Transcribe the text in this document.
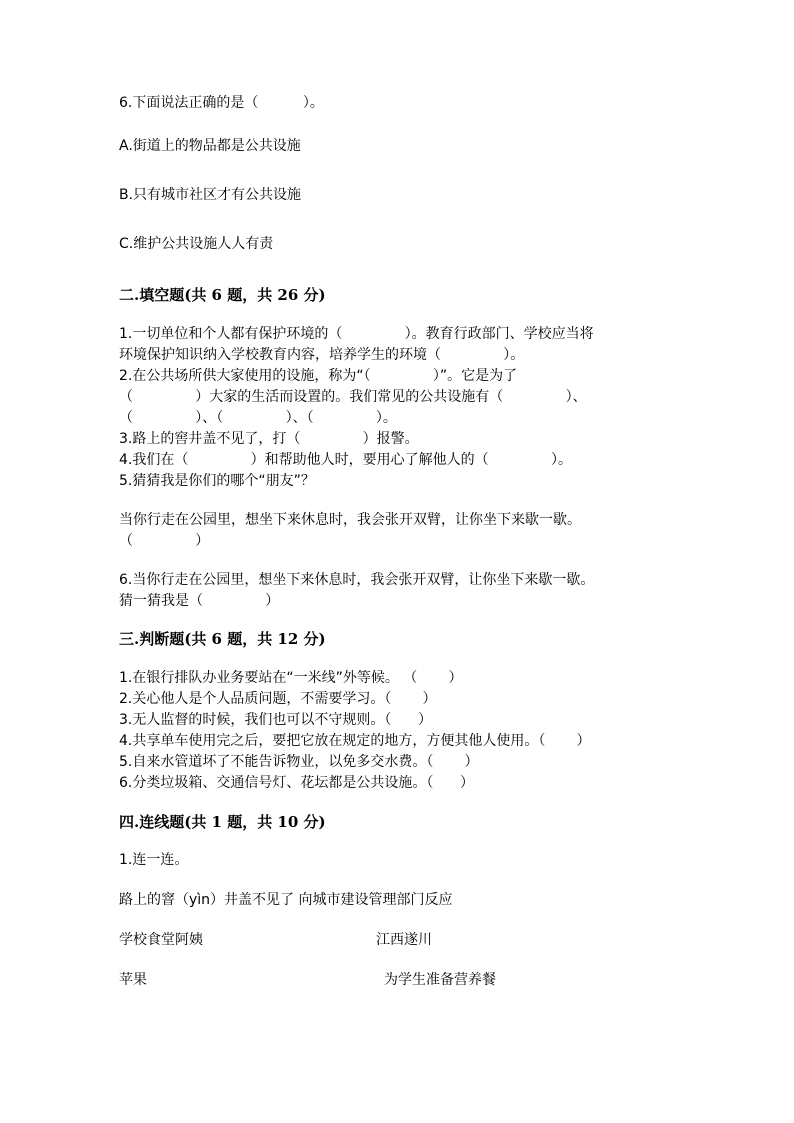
6.下面说法正确的是（          ）。
A.街道上的物品都是公共设施
B.只有城市社区才有公共设施
C.维护公共设施人人有责
二.填空题(共 6 题，共 26 分)
1.一切单位和个人都有保护环境的（              ）。教育行政部门、学校应当将
环境保护知识纳入学校教育内容，培养学生的环境（              ）。
2.在公共场所供大家使用的设施，称为“（              ）”。它是为了
（              ）大家的生活而设置的。我们常见的公共设施有（              ）、
（              ）、（              ）、（              ）。
3.路上的窖井盖不见了，打（              ）报警。
4.我们在（              ）和帮助他人时，要用心了解他人的（              ）。
5.猜猜我是你们的哪个“朋友”？
当你行走在公园里，想坐下来休息时，我会张开双臂，让你坐下来歇一歇。
（              ）
6.当你行走在公园里，想坐下来休息时，我会张开双臂，让你坐下来歇一歇。
猜一猜我是（              ）
三.判断题(共 6 题，共 12 分)
1.在银行排队办业务要站在“一米线”外等候。 （       ）
2.关心他人是个人品质问题，不需要学习。（       ）
3.无人监督的时候，我们也可以不守规则。（      ）
4.共享单车使用完之后，要把它放在规定的地方，方便其他人使用。（       ）
5.自来水管道坏了不能告诉物业，以免多交水费。（       ）
6.分类垃圾箱、交通信号灯、花坛都是公共设施。（      ）
四.连线题(共 1 题，共 10 分)
1.连一连。
路上的窨（yìn）井盖不见了 向城市建设管理部门反应
学校食堂阿姨	江西遂川
苹果	为学生准备营养餐
